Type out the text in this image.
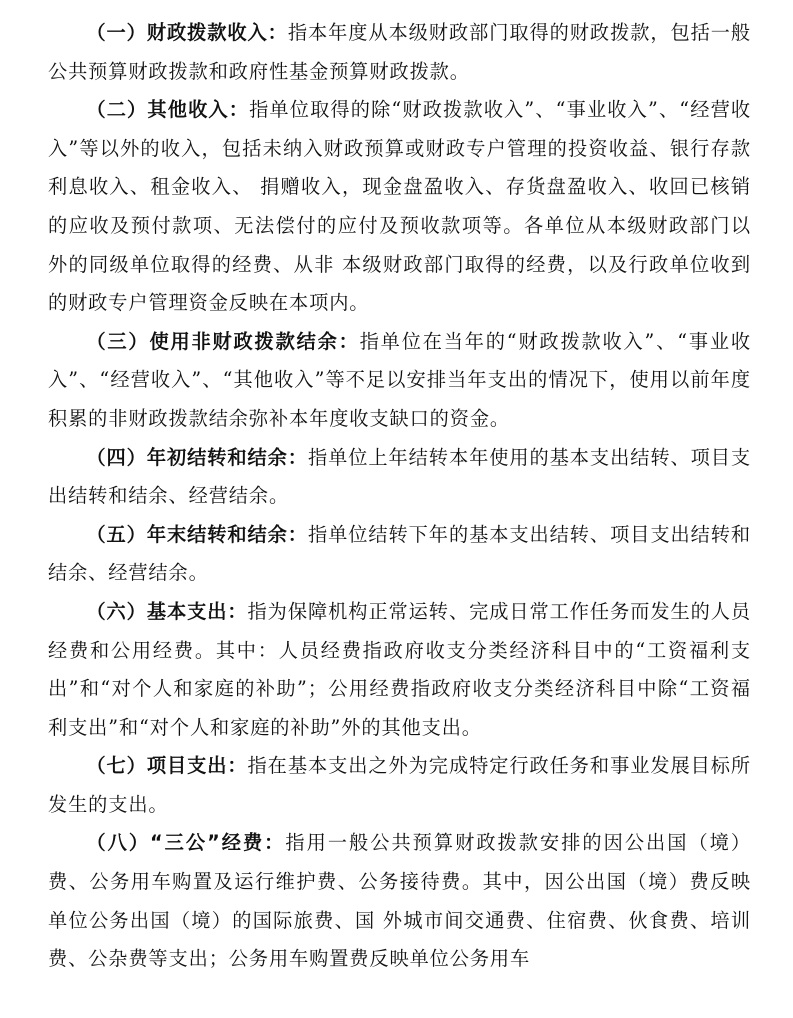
（一）财政拨款收入：指本年度从本级财政部门取得的财政拨款，包括一般公共预算财政拨款和政府性基金预算财政拨款。

（二）其他收入：指单位取得的除“财政拨款收入”、“事业收入”、“经营收入”等以外的收入，包括未纳入财政预算或财政专户管理的投资收益、银行存款利息收入、租金收入、 捐赠收入，现金盘盈收入、存货盘盈收入、收回已核销的应收及预付款项、无法偿付的应付及预收款项等。各单位从本级财政部门以外的同级单位取得的经费、从非 本级财政部门取得的经费，以及行政单位收到的财政专户管理资金反映在本项内。

（三）使用非财政拨款结余：指单位在当年的“财政拨款收入”、“事业收入”、“经营收入”、“其他收入”等不足以安排当年支出的情况下，使用以前年度积累的非财政拨款结余弥补本年度收支缺口的资金。

（四）年初结转和结余：指单位上年结转本年使用的基本支出结转、项目支出结转和结余、经营结余。

（五）年末结转和结余：指单位结转下年的基本支出结转、项目支出结转和结余、经营结余。

（六）基本支出：指为保障机构正常运转、完成日常工作任务而发生的人员经费和公用经费。其中：人员经费指政府收支分类经济科目中的“工资福利支出”和“对个人和家庭的补助”；公用经费指政府收支分类经济科目中除“工资福利支出”和“对个人和家庭的补助”外的其他支出。

（七）项目支出：指在基本支出之外为完成特定行政任务和事业发展目标所发生的支出。

（八）“三公”经费：指用一般公共预算财政拨款安排的因公出国（境）费、公务用车购置及运行维护费、公务接待费。其中，因公出国（境）费反映单位公务出国（境）的国际旅费、国 外城市间交通费、住宿费、伙食费、培训费、公杂费等支出；公务用车购置费反映单位公务用车
